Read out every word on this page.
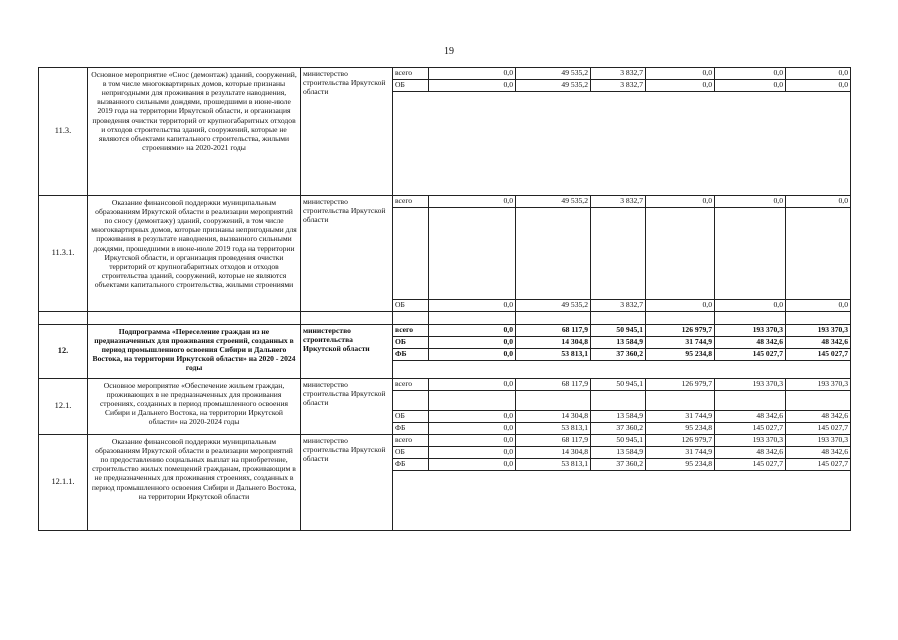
19
11.3.	Основное мероприятие «Снос (демонтаж) зданий, сооружений, в том числе многоквартирных домов, которые признаны непригодными для проживания в результате наводнения, вызванного сильными дождями, прошедшими в июне-июле 2019 года на территории Иркутской области, и организация проведения очистки территорий от крупногабаритных отходов и отходов строительства зданий, сооружений, которые не являются объектами капитального строительства, жилыми строениями» на 2020-2021 годы	министерство строительства Иркутской области	всего	0,0	49 535,2	3 832,7	0,0	0,0	0,0
			ОБ	0,0	49 535,2	3 832,7	0,0	0,0	0,0

11.3.1.	Оказание финансовой поддержки муниципальным образованиям Иркутской области в реализации мероприятий по сносу (демонтажу) зданий, сооружений, в том числе многоквартирных домов, которые признаны непригодными для проживания в результате наводнения, вызванного сильными дождями, прошедшими в июне-июле 2019 года на территории Иркутской области, и организация проведения очистки территорий от крупногабаритных отходов и отходов строительства зданий, сооружений, которые не являются объектами капитального строительства, жилыми строениями	министерство строительства Иркутской области	всего	0,0	49 535,2	3 832,7	0,0	0,0	0,0

			ОБ	0,0	49 535,2	3 832,7	0,0	0,0	0,0

12.	Подпрограмма «Переселение граждан из не предназначенных для проживания строений, созданных в период промышленного освоения Сибири и Дальнего Востока, на территории Иркутской области» на 2020 - 2024 годы	министерство строительства Иркутской области	всего	0,0	68 117,9	50 945,1	126 979,7	193 370,3	193 370,3
			ОБ	0,0	14 304,8	13 584,9	31 744,9	48 342,6	48 342,6
			ФБ	0,0	53 813,1	37 360,2	95 234,8	145 027,7	145 027,7

12.1.	Основное мероприятие «Обеспечение жильем граждан, проживающих в не предназначенных для проживания строениях, созданных в период промышленного освоения Сибири и Дальнего Востока, на территории Иркутской области» на 2020-2024 годы	министерство строительства Иркутской области	всего	0,0	68 117,9	50 945,1	126 979,7	193 370,3	193 370,3

			ОБ	0,0	14 304,8	13 584,9	31 744,9	48 342,6	48 342,6
			ФБ	0,0	53 813,1	37 360,2	95 234,8	145 027,7	145 027,7
12.1.1.	Оказание финансовой поддержки муниципальным образованиям Иркутской области в реализации мероприятий по предоставлению социальных выплат на приобретение, строительство жилых помещений гражданам, проживающим в не предназначенных для проживания строениях, созданных в период промышленного освоения Сибири и Дальнего Востока, на территории Иркутской области	министерство строительства Иркутской области	всего	0,0	68 117,9	50 945,1	126 979,7	193 370,3	193 370,3
			ОБ	0,0	14 304,8	13 584,9	31 744,9	48 342,6	48 342,6
			ФБ	0,0	53 813,1	37 360,2	95 234,8	145 027,7	145 027,7
